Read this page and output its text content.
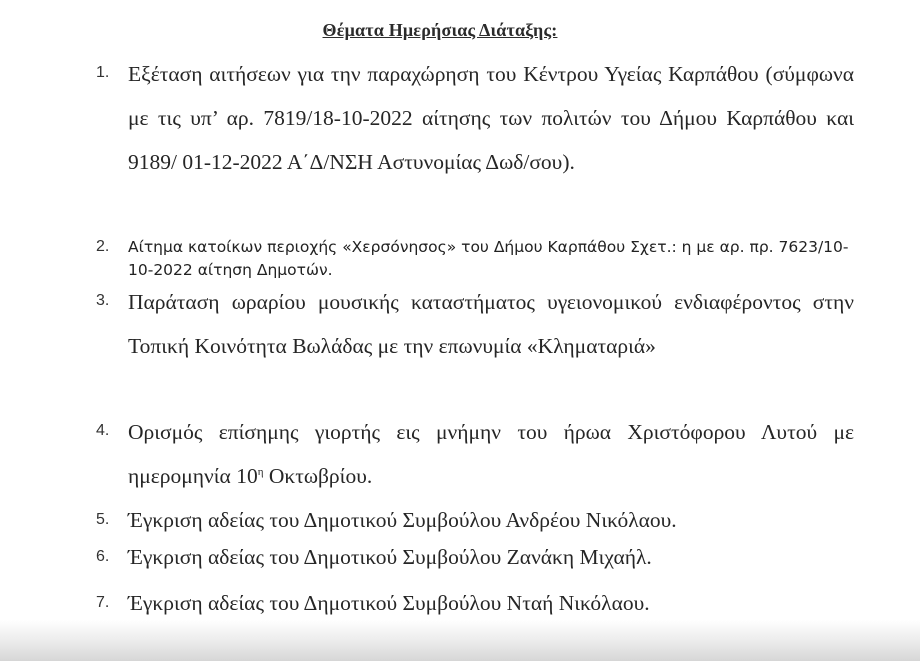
Θέματα Ημερήσιας Διάταξης:
1. Εξέταση αιτήσεων για την παραχώρηση του Κέντρου Υγείας Καρπάθου (σύμφωνα με τις υπ’ αρ. 7819/18-10-2022 αίτησης των πολιτών του Δήμου Καρπάθου και 9189/ 01-12-2022 Α΄Δ/ΝΣΗ Αστυνομίας Δωδ/σου).
2. Αίτημα κατοίκων περιοχής «Χερσόνησος» του Δήμου Καρπάθου Σχετ.: η με αρ. πρ. 7623/10-10-2022 αίτηση Δημοτών.
3. Παράταση ωραρίου μουσικής καταστήματος υγειονομικού ενδιαφέροντος στην Τοπική Κοινότητα Βωλάδας με την επωνυμία «Κληματαριά»
4. Ορισμός επίσημης γιορτής εις μνήμην του ήρωα Χριστόφορου Λυτού με ημερομηνία $10^\eta$ Οκτωβρίου.
5. Έγκριση αδείας του Δημοτικού Συμβούλου Ανδρέου Νικόλαου.
6. Έγκριση αδείας του Δημοτικού Συμβούλου Ζανάκη Μιχαήλ.
7. Έγκριση αδείας του Δημοτικού Συμβούλου Νταή Νικόλαου.
